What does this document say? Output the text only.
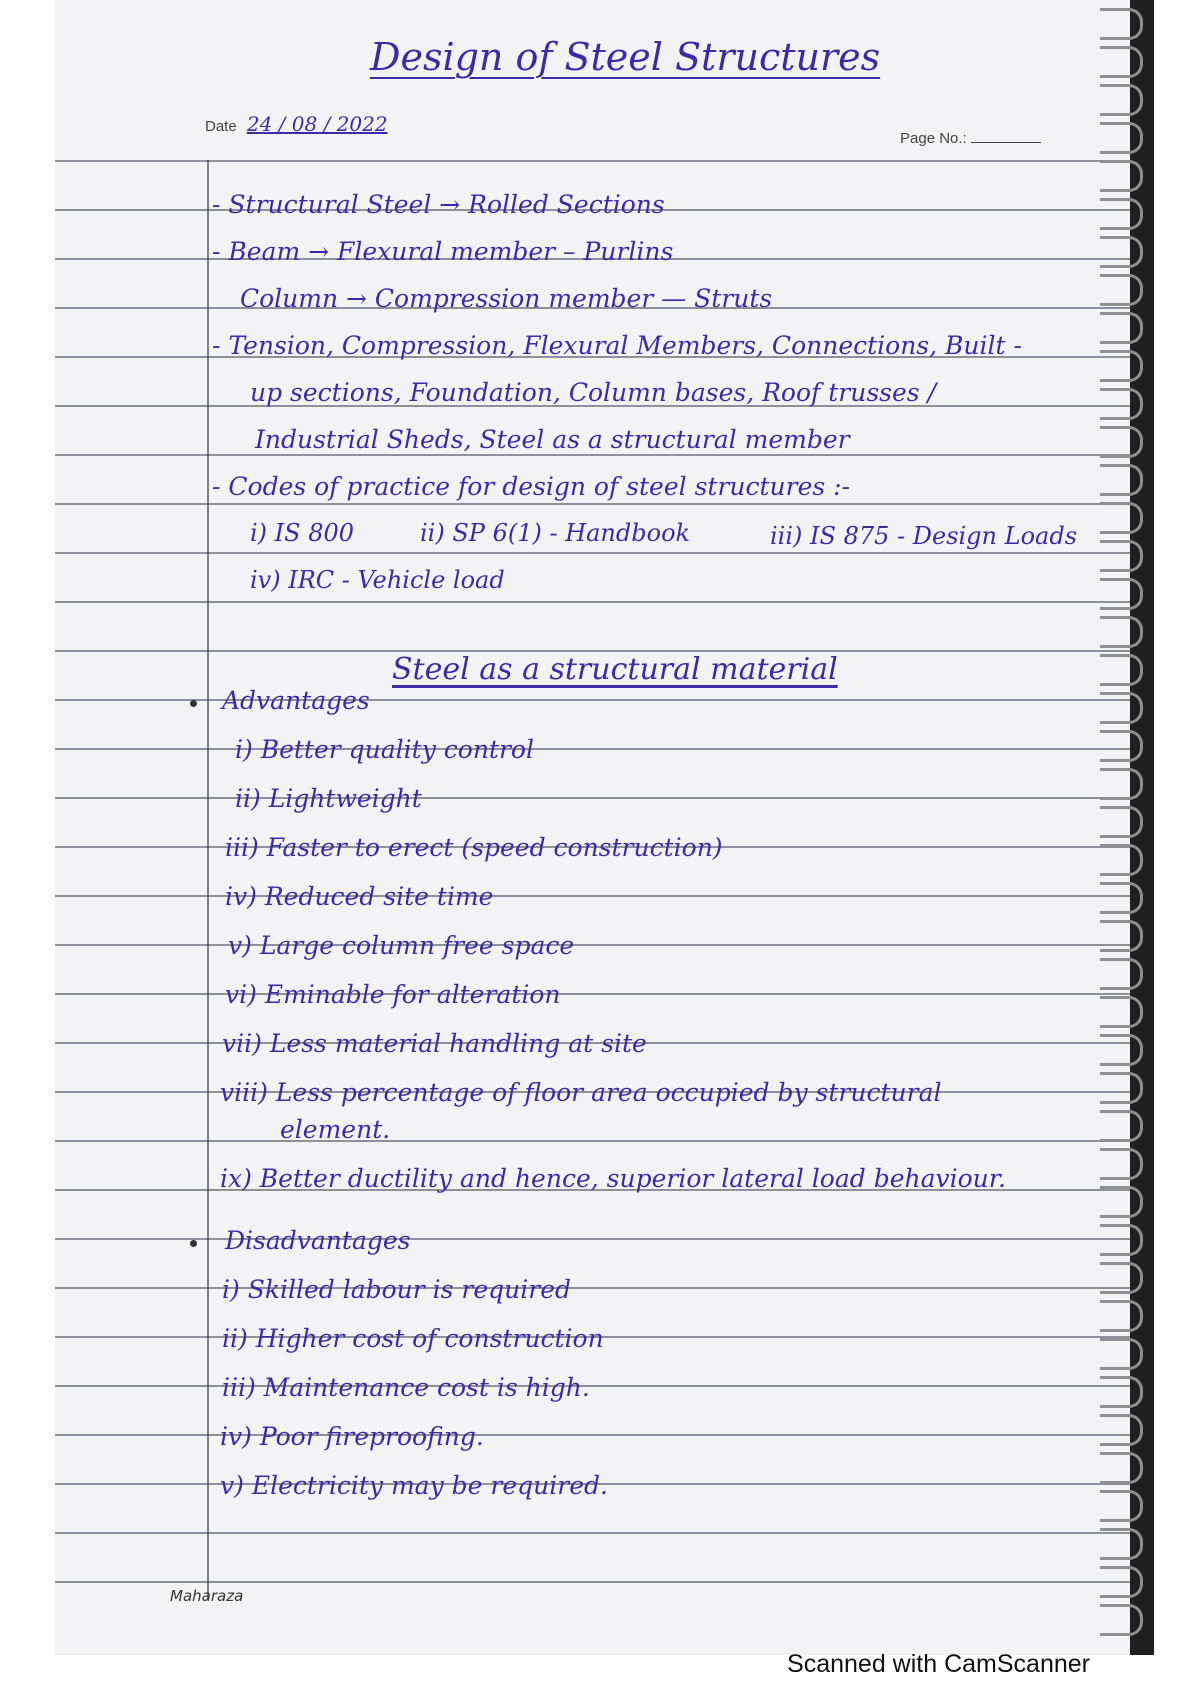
Design of Steel Structures
Date 24 / 08 / 2022
Page No.:
- Structural Steel → Rolled Sections
- Beam → Flexural member – Purlins
Column → Compression member — Struts
- Tension, Compression, Flexural Members, Connections, Built -
up sections, Foundation, Column bases, Roof trusses /
Industrial Sheds, Steel as a structural member
- Codes of practice for design of steel structures :-
i) IS 800	ii) SP 6(1) - Handbook	iii) IS 875 - Design Loads
iv) IRC - Vehicle load
Steel as a structural material
Advantages
i) Better quality control
ii) Lightweight
iii) Faster to erect (speed construction)
iv) Reduced site time
v) Large column free space
vi) Eminable for alteration
vii) Less material handling at site
viii) Less percentage of floor area occupied by structural
element.
ix) Better ductility and hence, superior lateral load behaviour.
Disadvantages
i) Skilled labour is required
ii) Higher cost of construction
iii) Maintenance cost is high.
iv) Poor fireproofing.
v) Electricity may be required.
Maharaza
Scanned with CamScanner
